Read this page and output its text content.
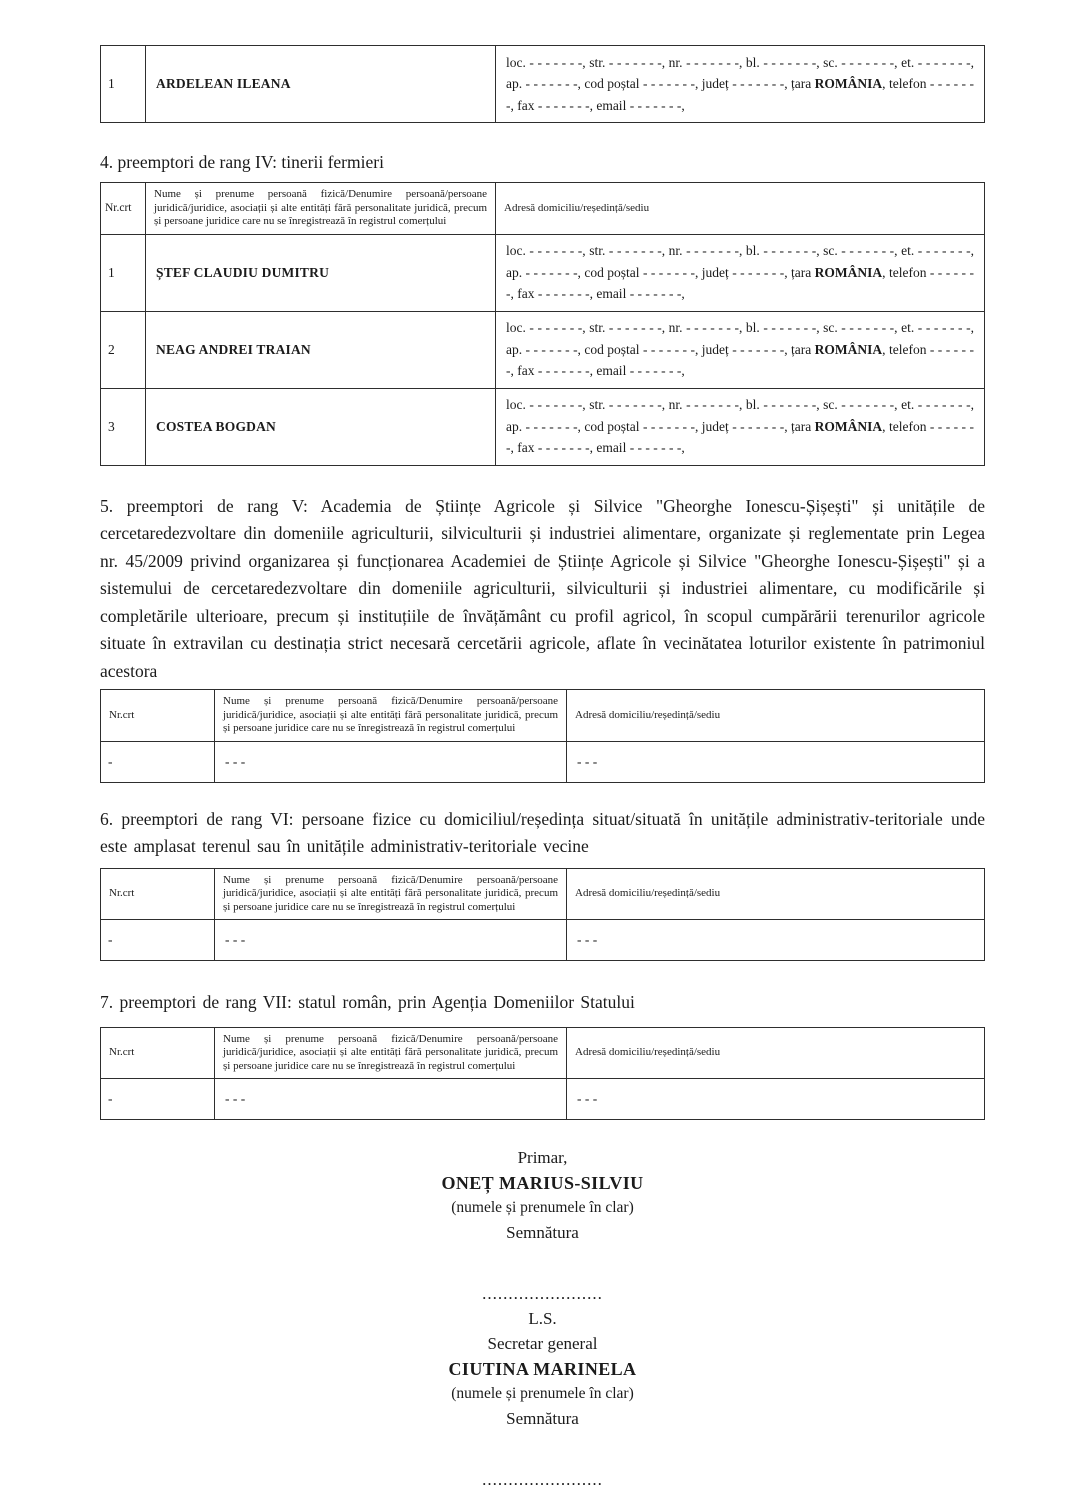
1	ARDELEAN ILEANA	loc. - - - - - - -, str. - - - - - - -, nr. - - - - - - -, bl. - - - - - - -, sc. - - - - - - -, et. - - - - - - -, ap. - - - - - - -, cod poștal - - - - - - -, județ - - - - - - -, țara ROMÂNIA, telefon - - - - - - -, fax - - - - - - -, email - - - - - - -,
4. preemptori de rang IV: tinerii fermieri
Nr.crt	Nume și prenume persoană fizică/Denumire persoană/persoane juridică/juridice, asociații și alte entități fără personalitate juridică, precum și persoane juridice care nu se înregistrează în registrul comerțului	Adresă domiciliu/reședință/sediu
1	ȘTEF CLAUDIU DUMITRU	loc. - - - - - - -, str. - - - - - - -, nr. - - - - - - -, bl. - - - - - - -, sc. - - - - - - -, et. - - - - - - -, ap. - - - - - - -, cod poștal - - - - - - -, județ - - - - - - -, țara ROMÂNIA, telefon - - - - - - -, fax - - - - - - -, email - - - - - - -,
2	NEAG ANDREI TRAIAN	loc. - - - - - - -, str. - - - - - - -, nr. - - - - - - -, bl. - - - - - - -, sc. - - - - - - -, et. - - - - - - -, ap. - - - - - - -, cod poștal - - - - - - -, județ - - - - - - -, țara ROMÂNIA, telefon - - - - - - -, fax - - - - - - -, email - - - - - - -,
3	COSTEA BOGDAN	loc. - - - - - - -, str. - - - - - - -, nr. - - - - - - -, bl. - - - - - - -, sc. - - - - - - -, et. - - - - - - -, ap. - - - - - - -, cod poștal - - - - - - -, județ - - - - - - -, țara ROMÂNIA, telefon - - - - - - -, fax - - - - - - -, email - - - - - - -,

5. preemptori de rang V: Academia de Științe Agricole și Silvice "Gheorghe Ionescu-Șișești" și unitățile de cercetaredezvoltare din domeniile agriculturii, silviculturii și industriei alimentare, organizate și reglementate prin Legea nr. 45/2009 privind organizarea și funcționarea Academiei de Științe Agricole și Silvice "Gheorghe Ionescu-Șișești" și a sistemului de cercetaredezvoltare din domeniile agriculturii, silviculturii și industriei alimentare, cu modificările și completările ulterioare, precum și instituțiile de învățământ cu profil agricol, în scopul cumpărării terenurilor agricole situate în extravilan cu destinația strict necesară cercetării agricole, aflate în vecinătatea loturilor existente în patrimoniul acestora

Nr.crt	Nume și prenume persoană fizică/Denumire persoană/persoane juridică/juridice, asociații și alte entități fără personalitate juridică, precum și persoane juridice care nu se înregistrează în registrul comerțului	Adresă domiciliu/reședință/sediu
-	- - -	- - -

6. preemptori de rang VI: persoane fizice cu domiciliul/reședința situat/situată în unitățile administrativ-teritoriale unde este amplasat terenul sau în unitățile administrativ-teritoriale vecine

Nr.crt	Nume și prenume persoană fizică/Denumire persoană/persoane juridică/juridice, asociații și alte entități fără personalitate juridică, precum și persoane juridice care nu se înregistrează în registrul comerțului	Adresă domiciliu/reședință/sediu
-	- - -	- - -

7. preemptori de rang VII: statul român, prin Agenția Domeniilor Statului

Nr.crt	Nume și prenume persoană fizică/Denumire persoană/persoane juridică/juridice, asociații și alte entități fără personalitate juridică, precum și persoane juridice care nu se înregistrează în registrul comerțului	Adresă domiciliu/reședință/sediu
-	- - -	- - -

Primar,

ONEȚ MARIUS-SILVIU

(numele și prenumele în clar)

Semnătura

.......................

L.S.

Secretar general

CIUTINA MARINELA

(numele și prenumele în clar)

Semnătura

.......................
